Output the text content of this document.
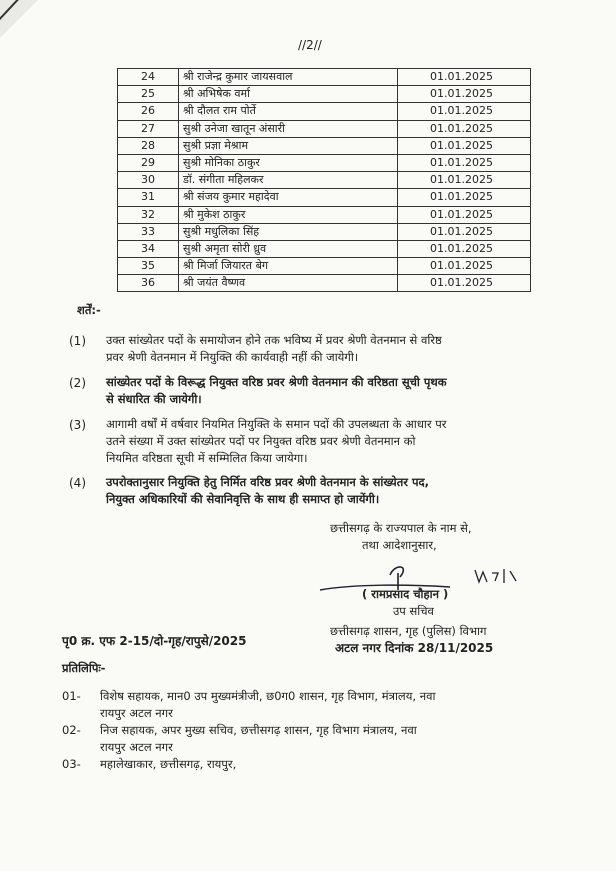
//2//
24	श्री राजेन्द्र कुमार जायसवाल	01.01.2025
25	श्री अभिषेक वर्मा	01.01.2025
26	श्री दौलत राम पोर्ते	01.01.2025
27	सुश्री उनेजा खातून अंसारी	01.01.2025
28	सुश्री प्रज्ञा मेश्राम	01.01.2025
29	सुश्री मोनिका ठाकुर	01.01.2025
30	डॉ. संगीता महिलकर	01.01.2025
31	श्री संजय कुमार महादेवा	01.01.2025
32	श्री मुकेश ठाकुर	01.01.2025
33	सुश्री मधुलिका सिंह	01.01.2025
34	सुश्री अमृता सोरी ध्रुव	01.01.2025
35	श्री मिर्जा जियारत बेग	01.01.2025
36	श्री जयंत वैष्णव	01.01.2025
शर्तें:-
(1) उक्त सांख्येतर पदों के समायोजन होने तक भविष्य में प्रवर श्रेणी वेतनमान से वरिष्ठ
प्रवर श्रेणी वेतनमान में नियुक्ति की कार्यवाही नहीं की जायेगी।
(2) सांख्येतर पदों के विरूद्ध नियुक्त वरिष्ठ प्रवर श्रेणी वेतनमान की वरिष्ठता सूची पृथक
से संधारित की जायेगी।
(3) आगामी वर्षों में वर्षवार नियमित नियुक्ति के समान पदों की उपलब्धता के आधार पर
उतने संख्या में उक्त सांख्येतर पदों पर नियुक्त वरिष्ठ प्रवर श्रेणी वेतनमान को
नियमित वरिष्ठता सूची में सम्मिलित किया जायेगा।
(4) उपरोक्तानुसार नियुक्ति हेतु निर्मित वरिष्ठ प्रवर श्रेणी वेतनमान के सांख्येतर पद,
नियुक्त अधिकारियों की सेवानिवृत्ति के साथ ही समाप्त हो जायेंगी।
छत्तीसगढ़ के राज्यपाल के नाम से,
तथा आदेशानुसार,
( रामप्रसाद चौहान )
उप सचिव
छत्तीसगढ़ शासन, गृह (पुलिस) विभाग
पृ0 क्र. एफ 2-15/दो-गृह/रापुसे/2025	अटल नगर दिनांक 28/11/2025
प्रतिलिपिः-
01- विशेष सहायक, मान0 उप मुख्यमंत्रीजी, छ0ग0 शासन, गृह विभाग, मंत्रालय, नवा
रायपुर अटल नगर
02- निज सहायक, अपर मुख्य सचिव, छत्तीसगढ़ शासन, गृह विभाग मंत्रालय, नवा
रायपुर अटल नगर
03- महालेखाकार, छत्तीसगढ़, रायपुर,
